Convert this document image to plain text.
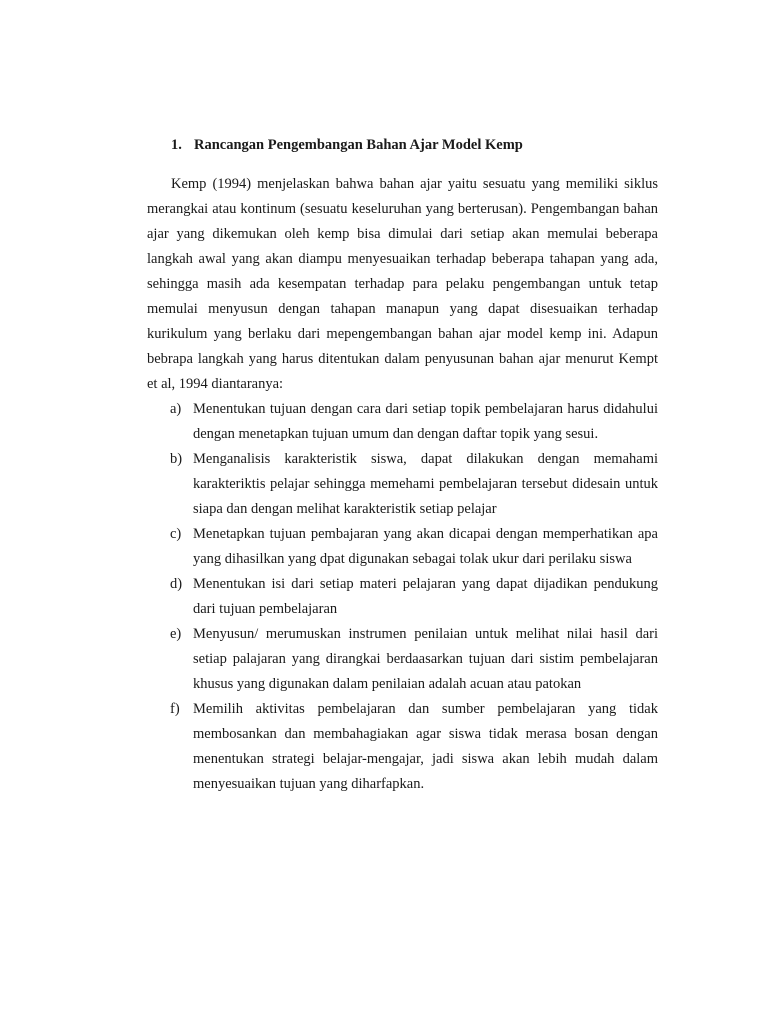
1. Rancangan Pengembangan Bahan Ajar Model Kemp

Kemp (1994) menjelaskan bahwa bahan ajar yaitu sesuatu yang memiliki siklus merangkai atau kontinum (sesuatu keseluruhan yang berterusan). Pengembangan bahan ajar yang dikemukan oleh kemp bisa dimulai dari setiap akan memulai beberapa langkah awal yang akan diampu menyesuaikan terhadap beberapa tahapan yang ada, sehingga masih ada kesempatan terhadap para pelaku pengembangan untuk tetap memulai menyusun dengan tahapan manapun yang dapat disesuaikan terhadap kurikulum yang berlaku dari mepengembangan bahan ajar model kemp ini. Adapun bebrapa langkah yang harus ditentukan dalam penyusunan bahan ajar menurut Kempt et al, 1994 diantaranya:

a) Menentukan tujuan dengan cara dari setiap topik pembelajaran harus didahului dengan menetapkan tujuan umum dan dengan daftar topik yang sesui.
b) Menganalisis karakteristik siswa, dapat dilakukan dengan memahami karakteriktis pelajar sehingga memehami pembelajaran tersebut didesain untuk siapa dan dengan melihat karakteristik setiap pelajar
c) Menetapkan tujuan pembajaran yang akan dicapai dengan memperhatikan apa yang dihasilkan yang dpat digunakan sebagai tolak ukur dari perilaku siswa
d) Menentukan isi dari setiap materi pelajaran yang dapat dijadikan pendukung dari tujuan pembelajaran
e) Menyusun/ merumuskan instrumen penilaian untuk melihat nilai hasil dari setiap palajaran yang dirangkai berdaasarkan tujuan dari sistim pembelajaran khusus yang digunakan dalam penilaian adalah acuan atau patokan
f) Memilih aktivitas pembelajaran dan sumber pembelajaran yang tidak membosankan dan membahagiakan agar siswa tidak merasa bosan dengan menentukan strategi belajar-mengajar, jadi siswa akan lebih mudah dalam menyesuaikan tujuan yang diharfapkan.
